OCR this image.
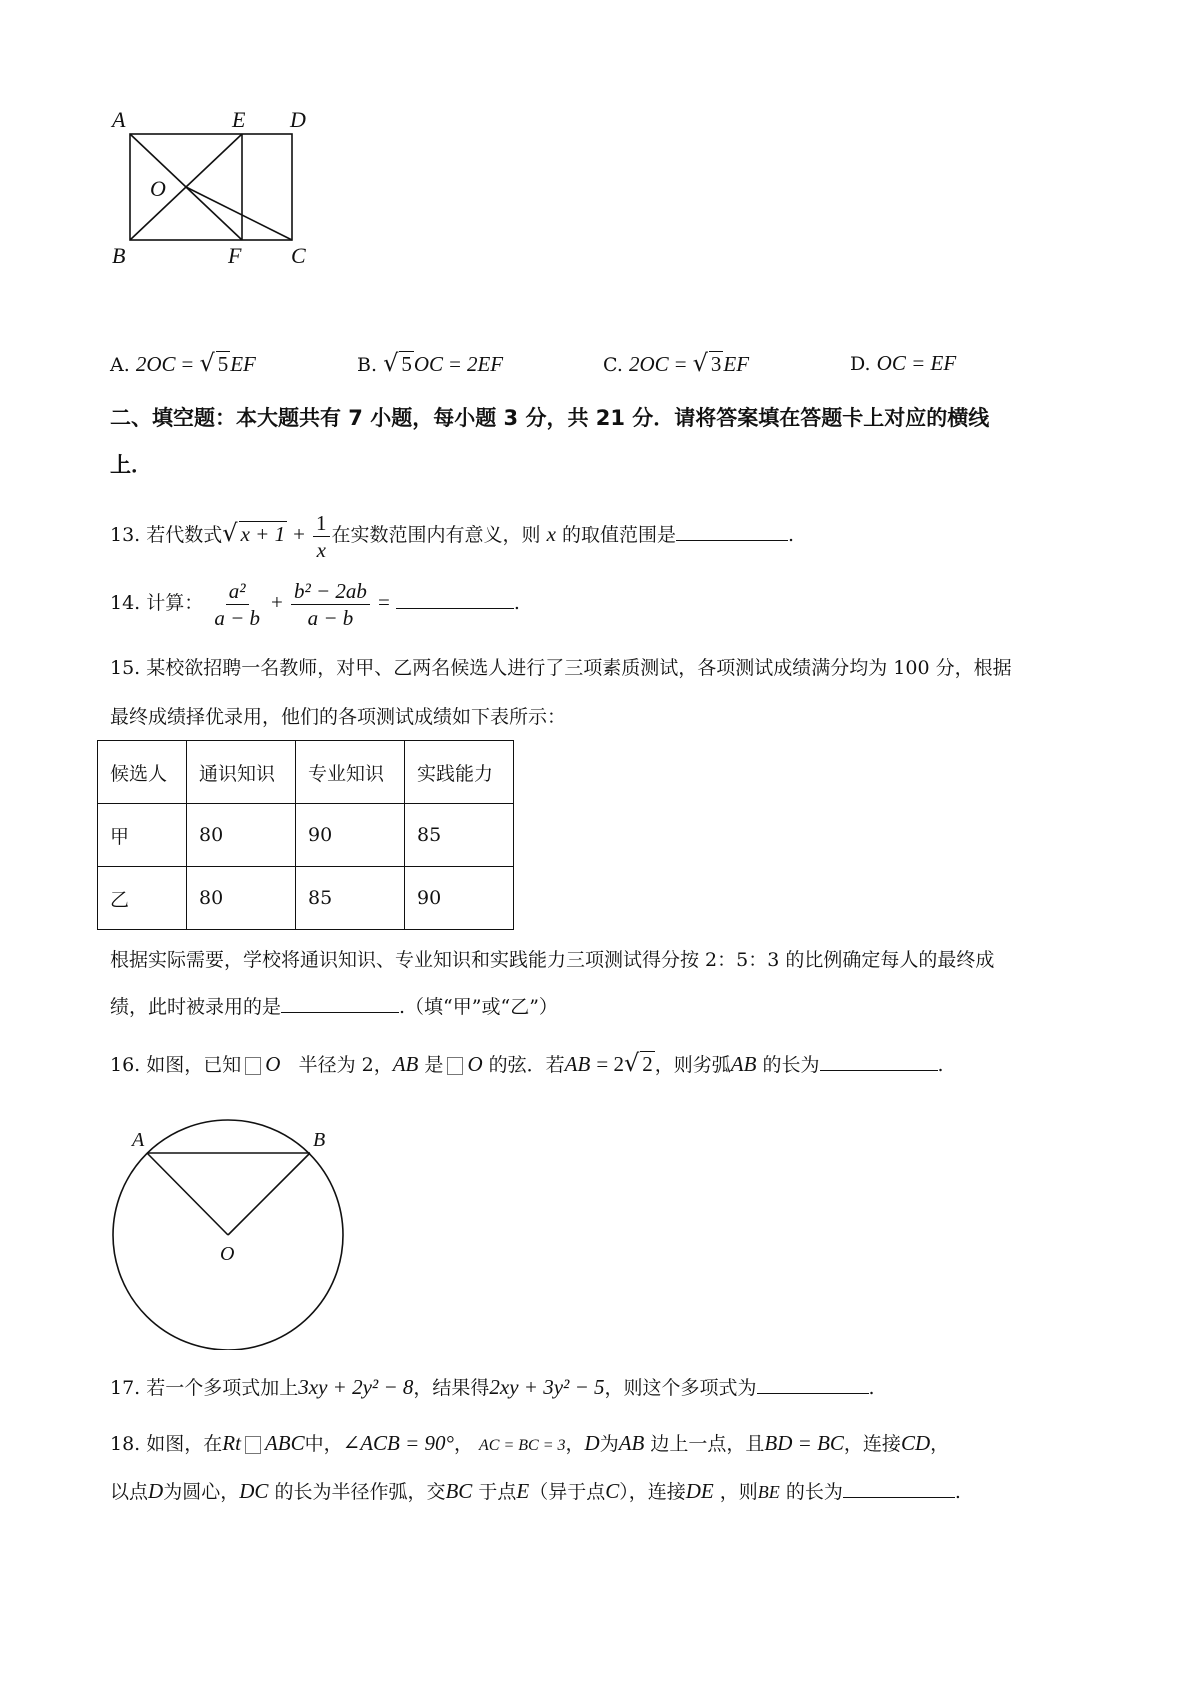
A	E D
O
B	F C
A. 2OC = √ 5EF	B. √ 5OC = 2EF	C. 2OC = √ 3EF	D. OC = EF
二、填空题：本大题共有 7 小题，每小题 3 分，共 21 分．请将答案填在答题卡上对应的横线
上．
13. 若代数式√ $x + 1 + \frac{1}{x}$ 在实数范围内有意义，则 x 的取值范围是	.
14. 计算： $\frac{\text{a²}}{a - b} + \frac{\text{b² − 2ab}}{a - b}$ =	.
15. 某校欲招聘一名教师，对甲、乙两名候选人进行了三项素质测试，各项测试成绩满分均为 100 分，根据
最终成绩择优录用，他们的各项测试成绩如下表所示：
候选人	通识知识	专业知识	实践能力
甲	80	90	85
乙	80	85	90
根据实际需要，学校将通识知识、专业知识和实践能力三项测试得分按 2：5：3 的比例确定每人的最终成
绩，此时被录用的是	.（填“甲”或“乙”）
16. 如图，已知 O 半径为 2，AB 是 O 的弦．若AB = 2√ 2 ，则劣弧AB 的长为	.
A	B
O
17. 若一个多项式加上3xy + 2y² − 8，结果得2xy + 3y² − 5，则这个多项式为	.
18. 如图，在Rt ABC中，∠ACB = 90°， AC = BC = 3，D为AB 边上一点，且BD = BC，连接CD，
以点D为圆心，DC 的长为半径作弧，交BC 于点E（异于点C），连接DE ，则BE 的长为	.
